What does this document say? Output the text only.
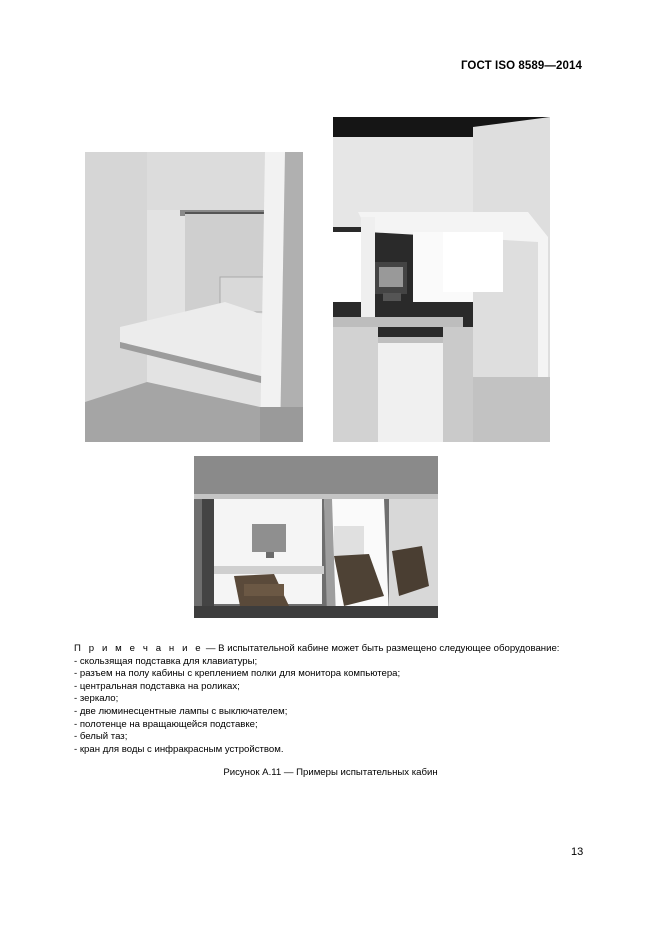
ГОСТ ISO 8589—2014
П р и м е ч а н и е — В испытательной кабине может быть размещено следующее оборудование:
- скользящая подставка для клавиатуры;
- разъем на полу кабины с креплением полки для монитора компьютера;
- центральная подставка на роликах;
- зеркало;
- две люминесцентные лампы с выключателем;
- полотенце на вращающейся подставке;
- белый таз;
- кран для воды с инфракрасным устройством.
Рисунок А.11 — Примеры испытательных кабин
13
